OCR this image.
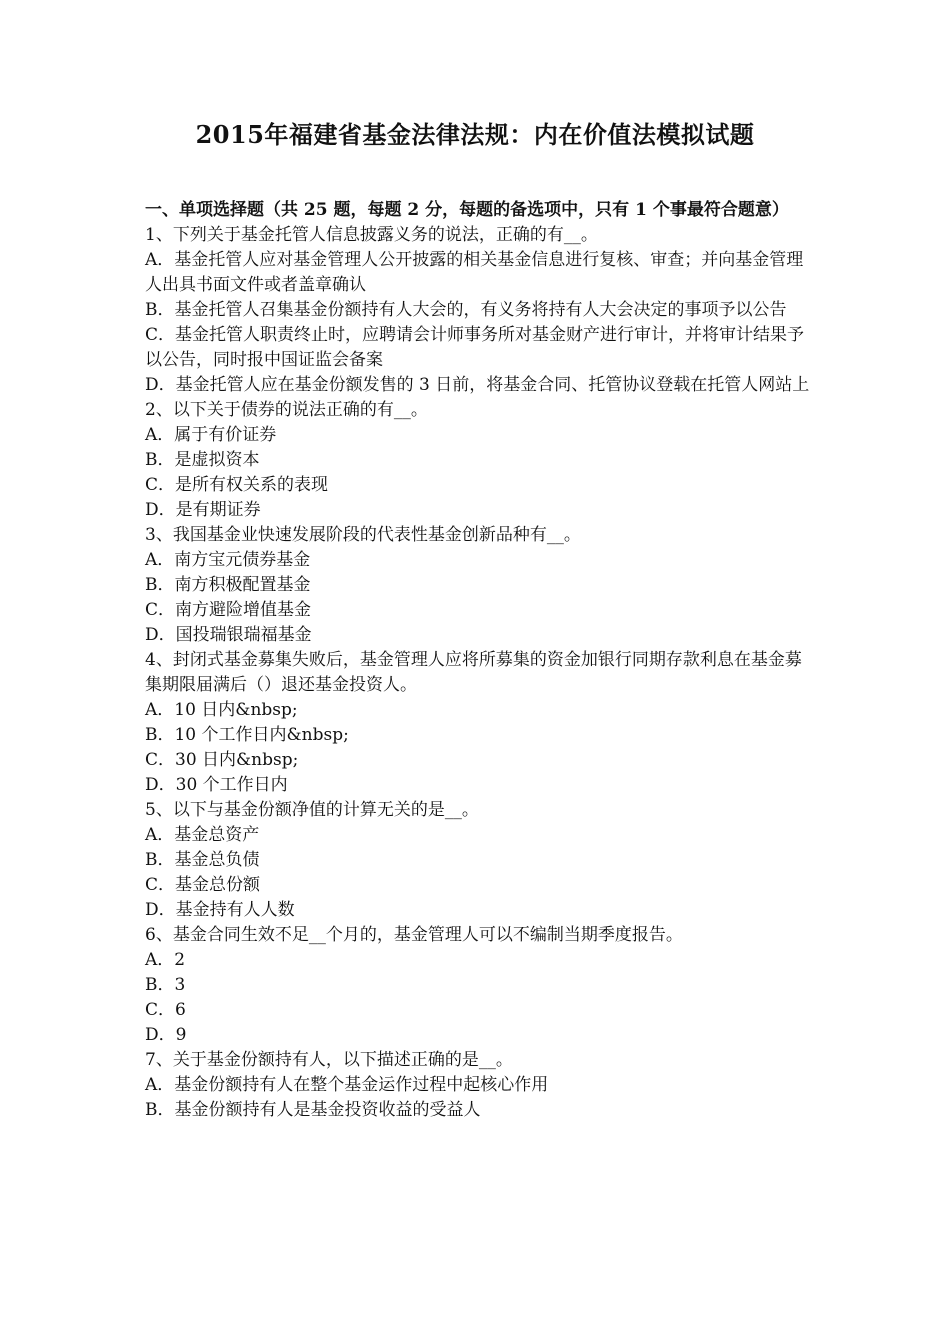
2015年福建省基金法律法规：内在价值法模拟试题

一、单项选择题（共 25 题，每题 2 分，每题的备选项中，只有 1 个事最符合题意）

1、下列关于基金托管人信息披露义务的说法，正确的有__。

A．基金托管人应对基金管理人公开披露的相关基金信息进行复核、审查；并向基金管理人出具书面文件或者盖章确认

B．基金托管人召集基金份额持有人大会的，有义务将持有人大会决定的事项予以公告

C．基金托管人职责终止时，应聘请会计师事务所对基金财产进行审计，并将审计结果予以公告，同时报中国证监会备案

D．基金托管人应在基金份额发售的 3 日前，将基金合同、托管协议登载在托管人网站上

2、以下关于债券的说法正确的有__。

A．属于有价证券

B．是虚拟资本

C．是所有权关系的表现

D．是有期证券

3、我国基金业快速发展阶段的代表性基金创新品种有__。

A．南方宝元债券基金

B．南方积极配置基金

C．南方避险增值基金

D．国投瑞银瑞福基金

4、封闭式基金募集失败后，基金管理人应将所募集的资金加银行同期存款利息在基金募集期限届满后（）退还基金投资人。

A．10 日内&nbsp;

B．10 个工作日内&nbsp;

C．30 日内&nbsp;

D．30 个工作日内

5、以下与基金份额净值的计算无关的是__。

A．基金总资产

B．基金总负债

C．基金总份额

D．基金持有人人数

6、基金合同生效不足__个月的，基金管理人可以不编制当期季度报告。

A．2

B．3

C．6

D．9

7、关于基金份额持有人，以下描述正确的是__。

A．基金份额持有人在整个基金运作过程中起核心作用

B．基金份额持有人是基金投资收益的受益人
